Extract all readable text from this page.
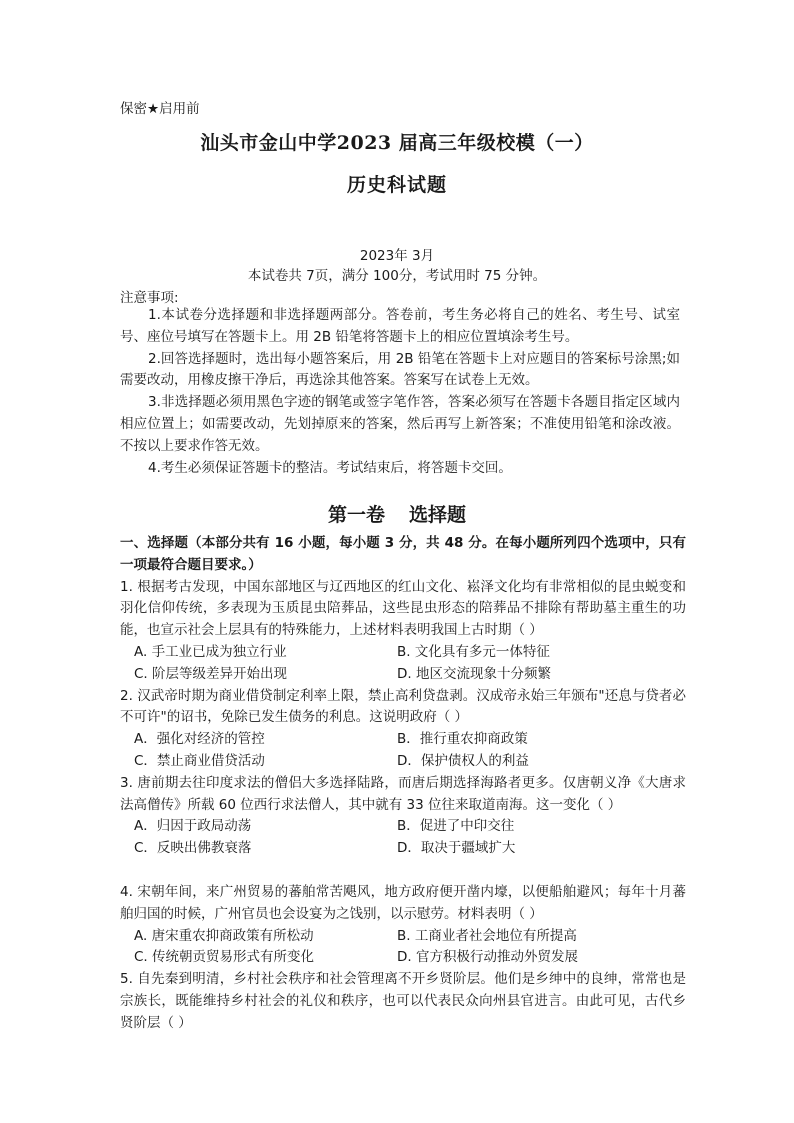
保密★启用前
汕头市金山中学2023 届高三年级校模（一）
历史科试题
2023年 3月
本试卷共 7页，满分 100分，考试用时 75 分钟。
注意事项:

1.本试卷分选择题和非选择题两部分。答卷前，考生务必将自己的姓名、考生号、试室号、座位号填写在答题卡上。用 2B 铅笔将答题卡上的相应位置填涂考生号。

2.回答选择题时，选出每小题答案后，用 2B 铅笔在答题卡上对应题目的答案标号涂黑;如需要改动，用橡皮擦干净后，再选涂其他答案。答案写在试卷上无效。

3.非选择题必须用黑色字迹的钢笔或签字笔作答，答案必须写在答题卡各题目指定区域内相应位置上；如需要改动，先划掉原来的答案，然后再写上新答案；不准使用铅笔和涂改液。不按以上要求作答无效。

4.考生必须保证答题卡的整洁。考试结束后，将答题卡交回。

第一卷 选择题

一、选择题（本部分共有 16 小题，每小题 3 分，共 48 分。在每小题所列四个选项中，只有一项最符合题目要求。）

1. 根据考古发现，中国东部地区与辽西地区的红山文化、崧泽文化均有非常相似的昆虫蜕变和羽化信仰传统，多表现为玉质昆虫陪葬品，这些昆虫形态的陪葬品不排除有帮助墓主重生的功能，也宣示社会上层具有的特殊能力，上述材料表明我国上古时期（ ）

A. 手工业已成为独立行业	B. 文化具有多元一体特征
C. 阶层等级差异开始出现	D. 地区交流现象十分频繁

2. 汉武帝时期为商业借贷制定利率上限，禁止高利贷盘剥。汉成帝永始三年颁布"还息与贷者必不可许"的诏书，免除已发生债务的利息。这说明政府（ ）

A．强化对经济的管控	B．推行重农抑商政策
C．禁止商业借贷活动	D．保护债权人的利益

3. 唐前期去往印度求法的僧侣大多选择陆路，而唐后期选择海路者更多。仅唐朝义净《大唐求法高僧传》所载 60 位西行求法僧人，其中就有 33 位往来取道南海。这一变化（ ）

A．归因于政局动荡	B．促进了中印交往
C．反映出佛教衰落	D．取决于疆域扩大

4. 宋朝年间，来广州贸易的蕃舶常苦飓风，地方政府便开凿内壕，以便船舶避风；每年十月蕃舶归国的时候，广州官员也会设宴为之饯别，以示慰劳。材料表明（ ）

A. 唐宋重农抑商政策有所松动	B. 工商业者社会地位有所提高
C. 传统朝贡贸易形式有所变化	D. 官方积极行动推动外贸发展

5. 自先秦到明清，乡村社会秩序和社会管理离不开乡贤阶层。他们是乡绅中的良绅，常常也是宗族长，既能维持乡村社会的礼仪和秩序，也可以代表民众向州县官进言。由此可见，古代乡贤阶层（ ）
